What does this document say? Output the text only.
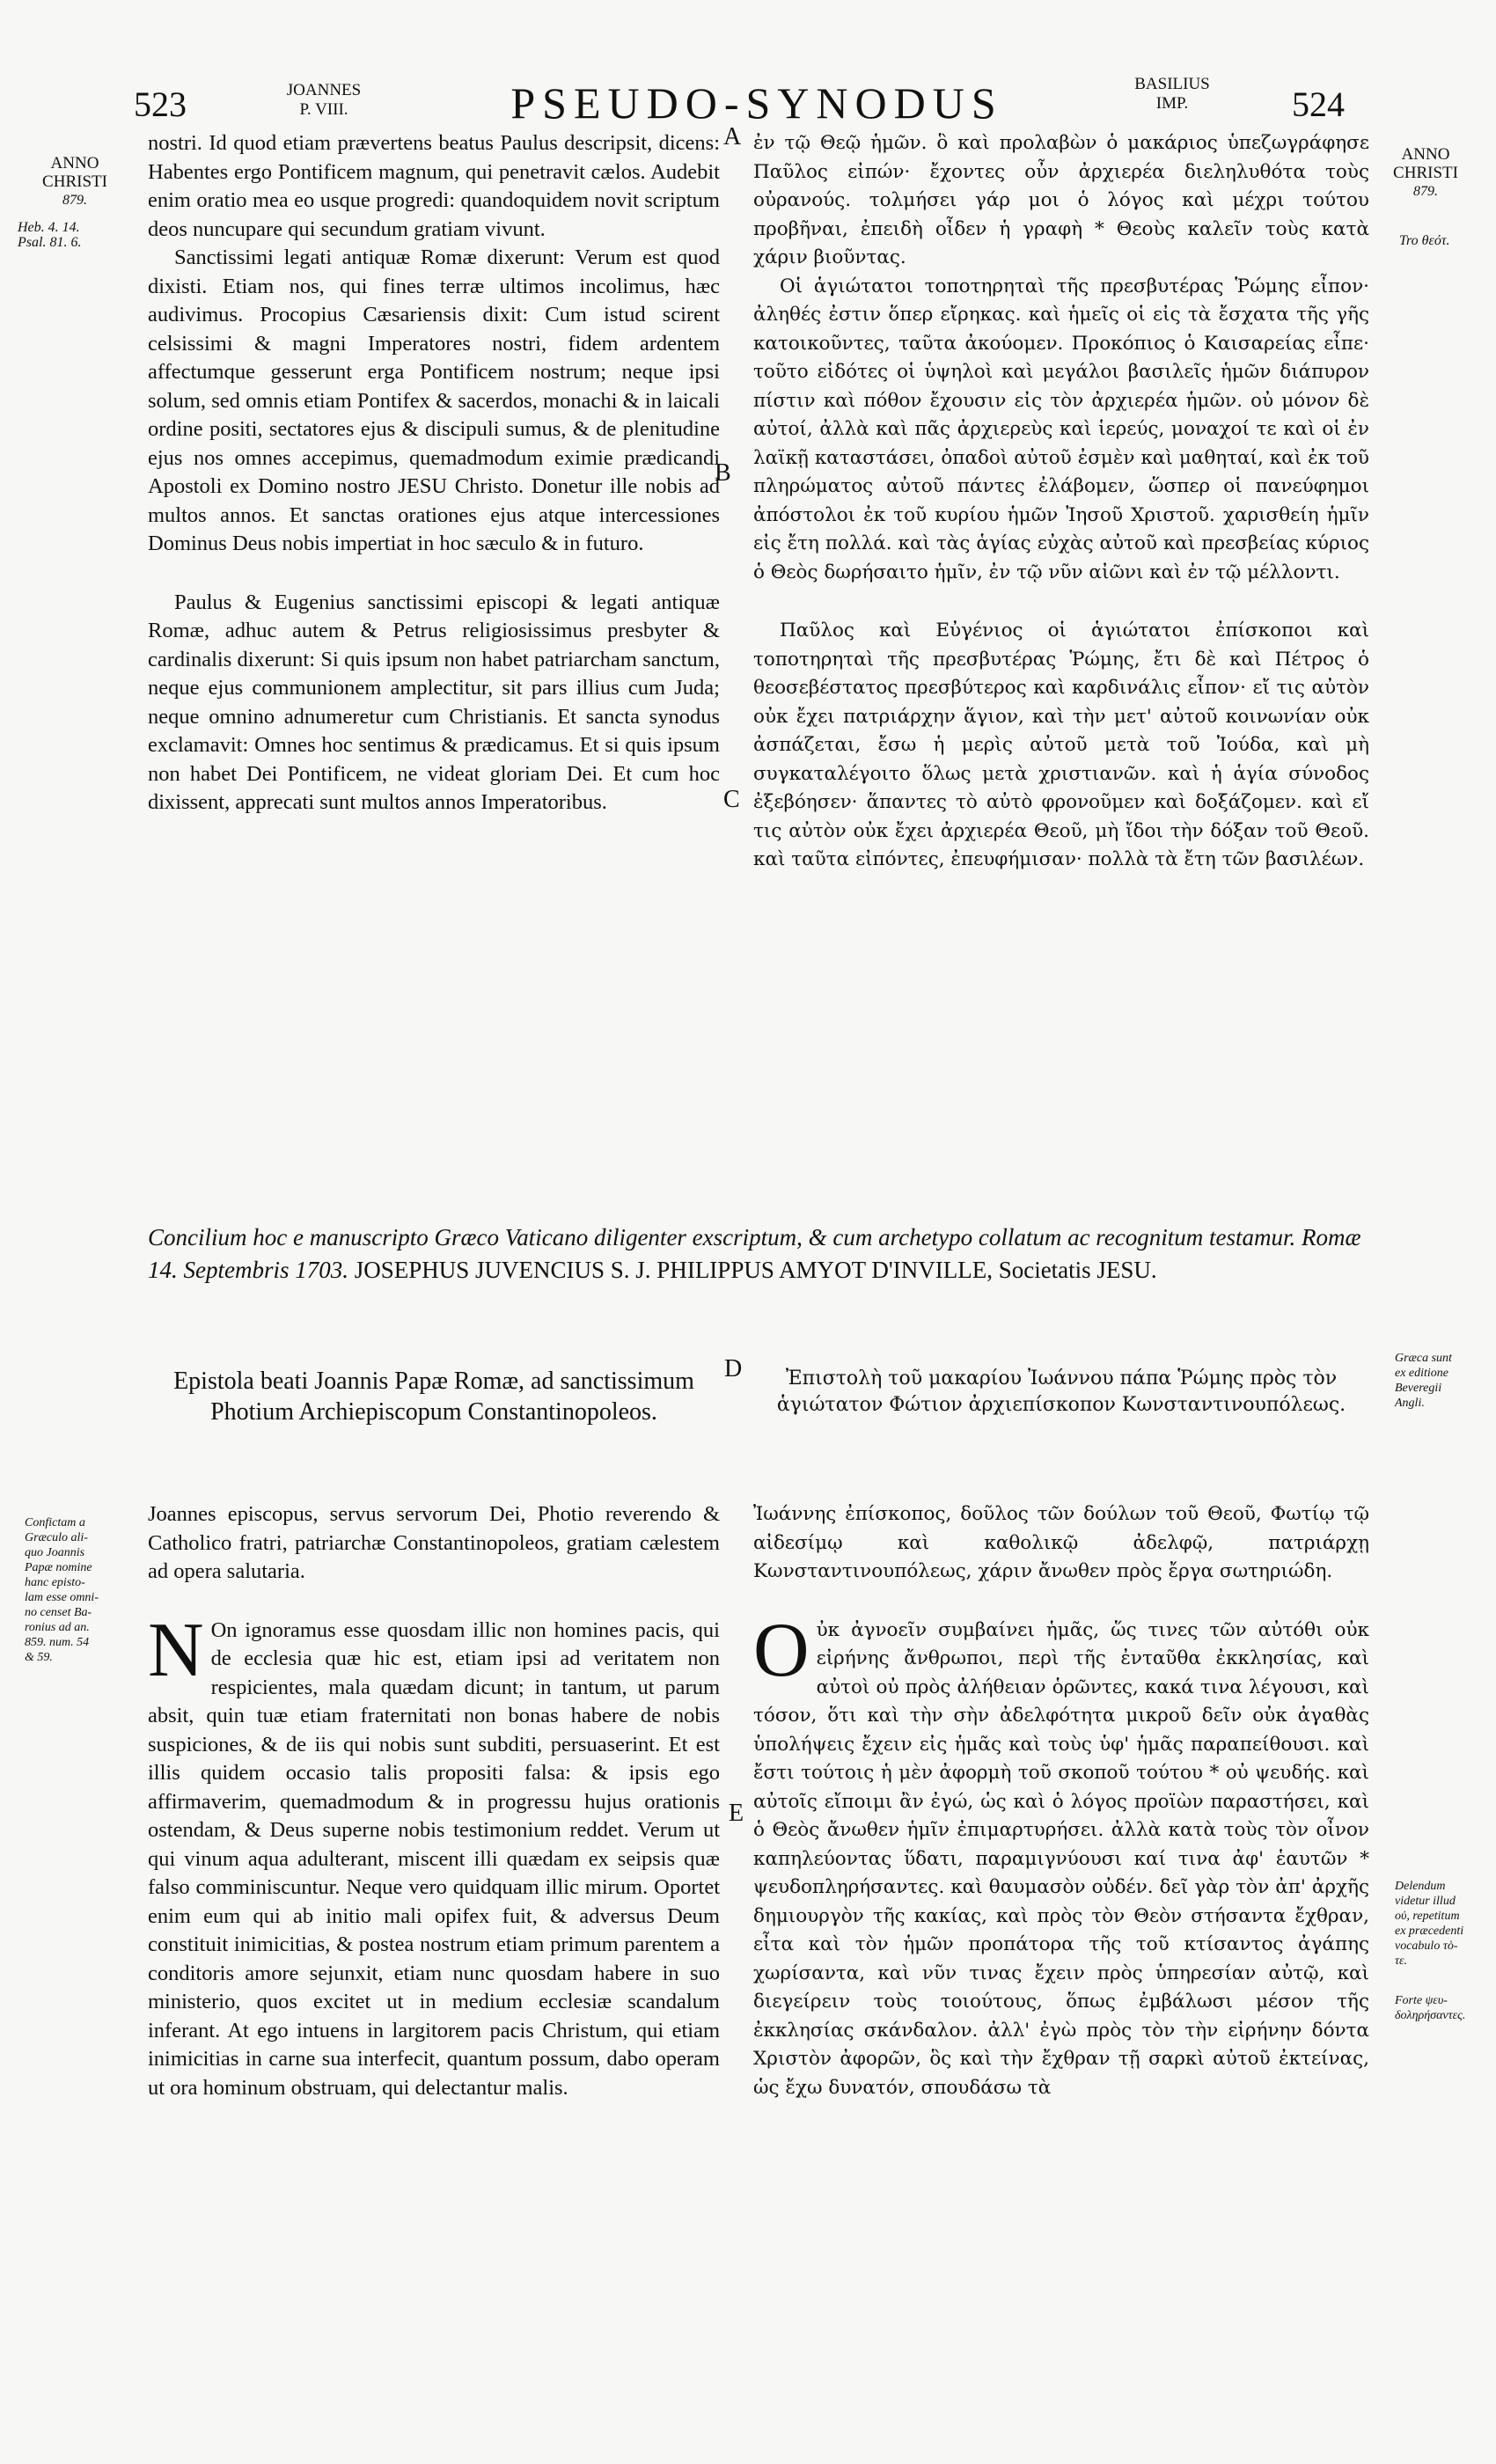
523	JOANNES
P. VIII.	PSEUDO-SYNODUS	BASILIUS
IMP.	524
ANNO
CHRISTI
879.
Heb. 4. 14.
Psal. 81. 6.
ANNO
CHRISTI
879.
Tro θεότ.
A
B
C
D
E

nostri. Id quod etiam prævertens beatus Paulus descripsit, dicens: Habentes ergo Pontificem magnum, qui penetravit cælos. Audebit enim oratio mea eo usque progredi: quandoquidem novit scriptum deos nuncupare qui secundum gratiam vivunt.

Sanctissimi legati antiquæ Romæ dixerunt: Verum est quod dixisti. Etiam nos, qui fines terræ ultimos incolimus, hæc audivimus. Procopius Cæsariensis dixit: Cum istud scirent celsissimi & magni Imperatores nostri, fidem ardentem affectumque gesserunt erga Pontificem nostrum; neque ipsi solum, sed omnis etiam Pontifex & sacerdos, monachi & in laicali ordine positi, sectatores ejus & discipuli sumus, & de plenitudine ejus nos omnes accepimus, quemadmodum eximie prædicandi Apostoli ex Domino nostro JESU Christo. Donetur ille nobis ad multos annos. Et sanctas orationes ejus atque intercessiones Dominus Deus nobis impertiat in hoc sæculo & in futuro.

Paulus & Eugenius sanctissimi episcopi & legati antiquæ Romæ, adhuc autem & Petrus religiosissimus presbyter & cardinalis dixerunt: Si quis ipsum non habet patriarcham sanctum, neque ejus communionem amplectitur, sit pars illius cum Juda; neque omnino adnumeretur cum Christianis. Et sancta synodus exclamavit: Omnes hoc sentimus & prædicamus. Et si quis ipsum non habet Dei Pontificem, ne videat gloriam Dei. Et cum hoc dixissent, apprecati sunt multos annos Imperatoribus.

ἐν τῷ Θεῷ ἡμῶν. ὃ καὶ προλαβὼν ὁ μακάριος ὑπεζωγράφησε Παῦλος εἰπών· ἔχοντες οὖν ἀρχιερέα διεληλυθότα τοὺς οὐρανούς. τολμήσει γάρ μοι ὁ λόγος καὶ μέχρι τούτου προβῆναι, ἐπειδὴ οἶδεν ἡ γραφὴ * Θεοὺς καλεῖν τοὺς κατὰ χάριν βιοῦντας.

Οἱ ἁγιώτατοι τοποτηρηταὶ τῆς πρεσβυτέρας Ῥώμης εἶπον· ἀληθές ἐστιν ὅπερ εἴρηκας. καὶ ἡμεῖς οἱ εἰς τὰ ἔσχατα τῆς γῆς κατοικοῦντες, ταῦτα ἀκούομεν. Προκόπιος ὁ Καισαρείας εἶπε· τοῦτο εἰδότες οἱ ὑψηλοὶ καὶ μεγάλοι βασιλεῖς ἡμῶν διάπυρον πίστιν καὶ πόθον ἔχουσιν εἰς τὸν ἀρχιερέα ἡμῶν. οὐ μόνον δὲ αὐτοί, ἀλλὰ καὶ πᾶς ἀρχιερεὺς καὶ ἱερεύς, μοναχοί τε καὶ οἱ ἐν λαϊκῇ καταστάσει, ὀπαδοὶ αὐτοῦ ἐσμὲν καὶ μαθηταί, καὶ ἐκ τοῦ πληρώματος αὐτοῦ πάντες ἐλάβομεν, ὥσπερ οἱ πανεύφημοι ἀπόστολοι ἐκ τοῦ κυρίου ἡμῶν Ἰησοῦ Χριστοῦ. χαρισθείη ἡμῖν εἰς ἔτη πολλά. καὶ τὰς ἁγίας εὐχὰς αὐτοῦ καὶ πρεσβείας κύριος ὁ Θεὸς δωρήσαιτο ἡμῖν, ἐν τῷ νῦν αἰῶνι καὶ ἐν τῷ μέλλοντι.

Παῦλος καὶ Εὐγένιος οἱ ἁγιώτατοι ἐπίσκοποι καὶ τοποτηρηταὶ τῆς πρεσβυτέρας Ῥώμης, ἔτι δὲ καὶ Πέτρος ὁ θεοσεβέστατος πρεσβύτερος καὶ καρδινάλις εἶπον· εἴ τις αὐτὸν οὐκ ἔχει πατριάρχην ἅγιον, καὶ τὴν μετ' αὐτοῦ κοινωνίαν οὐκ ἀσπάζεται, ἔσω ἡ μερὶς αὐτοῦ μετὰ τοῦ Ἰούδα, καὶ μὴ συγκαταλέγοιτο ὅλως μετὰ χριστιανῶν. καὶ ἡ ἁγία σύνοδος ἐξεβόησεν· ἅπαντες τὸ αὐτὸ φρονοῦμεν καὶ δοξάζομεν. καὶ εἴ τις αὐτὸν οὐκ ἔχει ἀρχιερέα Θεοῦ, μὴ ἴδοι τὴν δόξαν τοῦ Θεοῦ. καὶ ταῦτα εἰπόντες, ἐπευφήμισαν· πολλὰ τὰ ἔτη τῶν βασιλέων.

Concilium hoc e manuscripto Græco Vaticano diligenter exscriptum, & cum archetypo collatum ac recognitum testamur. Romæ 14. Septembris 1703. JOSEPHUS JUVENCIUS S. J. PHILIPPUS AMYOT D'INVILLE, Societatis JESU.
Epistola beati Joannis Papæ Romæ, ad sanctissimum Photium Archiepiscopum Constantinopoleos.
Ἐπιστολὴ τοῦ μακαρίου Ἰωάννου πάπα Ῥώμης πρὸς τὸν ἁγιώτατον Φώτιον ἀρχιεπίσκοπον Κωνσταντινουπόλεως.
Græca sunt
ex editione
Beveregii
Angli.
Confictam a
Græculo ali-
quo Joannis
Papæ nomine
hanc episto-
lam esse omni-
no censet Ba-
ronius ad an.
859. num. 54
& 59.
Delendum
videtur illud
oὐ, repetitum
ex præcedenti
vocabulo τὸ-
τε.
Forte ψευ-
δοληρήσαντες.

Joannes episcopus, servus servorum Dei, Photio reverendo & Catholico fratri, patriarchæ Constantinopoleos, gratiam cælestem ad opera salutaria.

N On ignoramus esse quosdam illic non homines pacis, qui de ecclesia quæ hic est, etiam ipsi ad veritatem non respicientes, mala quædam dicunt; in tantum, ut parum absit, quin tuæ etiam fraternitati non bonas habere de nobis suspiciones, & de iis qui nobis sunt subditi, persuaserint. Et est illis quidem occasio talis propositi falsa: & ipsis ego affirmaverim, quemadmodum & in progressu hujus orationis ostendam, & Deus superne nobis testimonium reddet. Verum ut qui vinum aqua adulterant, miscent illi quædam ex seipsis quæ falso comminiscuntur. Neque vero quidquam illic mirum. Oportet enim eum qui ab initio mali opifex fuit, & adversus Deum constituit inimicitias, & postea nostrum etiam primum parentem a conditoris amore sejunxit, etiam nunc quosdam habere in suo ministerio, quos excitet ut in medium ecclesiæ scandalum inferant. At ego intuens in largitorem pacis Christum, qui etiam inimicitias in carne sua interfecit, quantum possum, dabo operam ut ora hominum obstruam, qui delectantur malis.

Ἰωάννης ἐπίσκοπος, δοῦλος τῶν δούλων τοῦ Θεοῦ, Φωτίῳ τῷ αἰδεσίμῳ καὶ καθολικῷ ἀδελφῷ, πατριάρχῃ Κωνσταντινουπόλεως, χάριν ἄνωθεν πρὸς ἔργα σωτηριώδη.

Oὐκ ἀγνοεῖν συμβαίνει ἡμᾶς, ὥς τινες τῶν αὐτόθι οὐκ εἰρήνης ἄνθρωποι, περὶ τῆς ἐνταῦθα ἐκκλησίας, καὶ αὐτοὶ οὐ πρὸς ἀλήθειαν ὁρῶντες, κακά τινα λέγουσι, καὶ τόσον, ὅτι καὶ τὴν σὴν ἀδελφότητα μικροῦ δεῖν οὐκ ἀγαθὰς ὑπολήψεις ἔχειν εἰς ἡμᾶς καὶ τοὺς ὑφ' ἡμᾶς παραπείθουσι. καὶ ἔστι τούτοις ἡ μὲν ἀφορμὴ τοῦ σκοποῦ τούτου * οὐ ψευδής. καὶ αὐτοῖς εἴποιμι ἂν ἐγώ, ὡς καὶ ὁ λόγος προϊὼν παραστήσει, καὶ ὁ Θεὸς ἄνωθεν ἡμῖν ἐπιμαρτυρήσει. ἀλλὰ κατὰ τοὺς τὸν οἶνον καπηλεύοντας ὕδατι, παραμιγνύουσι καί τινα ἀφ' ἑαυτῶν * ψευδοπληρήσαντες. καὶ θαυμασὸν οὐδέν. δεῖ γὰρ τὸν ἀπ' ἀρχῆς δημιουργὸν τῆς κακίας, καὶ πρὸς τὸν Θεὸν στήσαντα ἔχθραν, εἶτα καὶ τὸν ἡμῶν προπάτορα τῆς τοῦ κτίσαντος ἀγάπης χωρίσαντα, καὶ νῦν τινας ἔχειν πρὸς ὑπηρεσίαν αὐτῷ, καὶ διεγείρειν τοὺς τοιούτους, ὅπως ἐμβάλωσι μέσον τῆς ἐκκλησίας σκάνδαλον. ἀλλ' ἐγὼ πρὸς τὸν τὴν εἰρήνην δόντα Χριστὸν ἀφορῶν, ὃς καὶ τὴν ἔχθραν τῇ σαρκὶ αὐτοῦ ἐκτείνας, ὡς ἔχω δυνατόν, σπουδάσω τὰ
